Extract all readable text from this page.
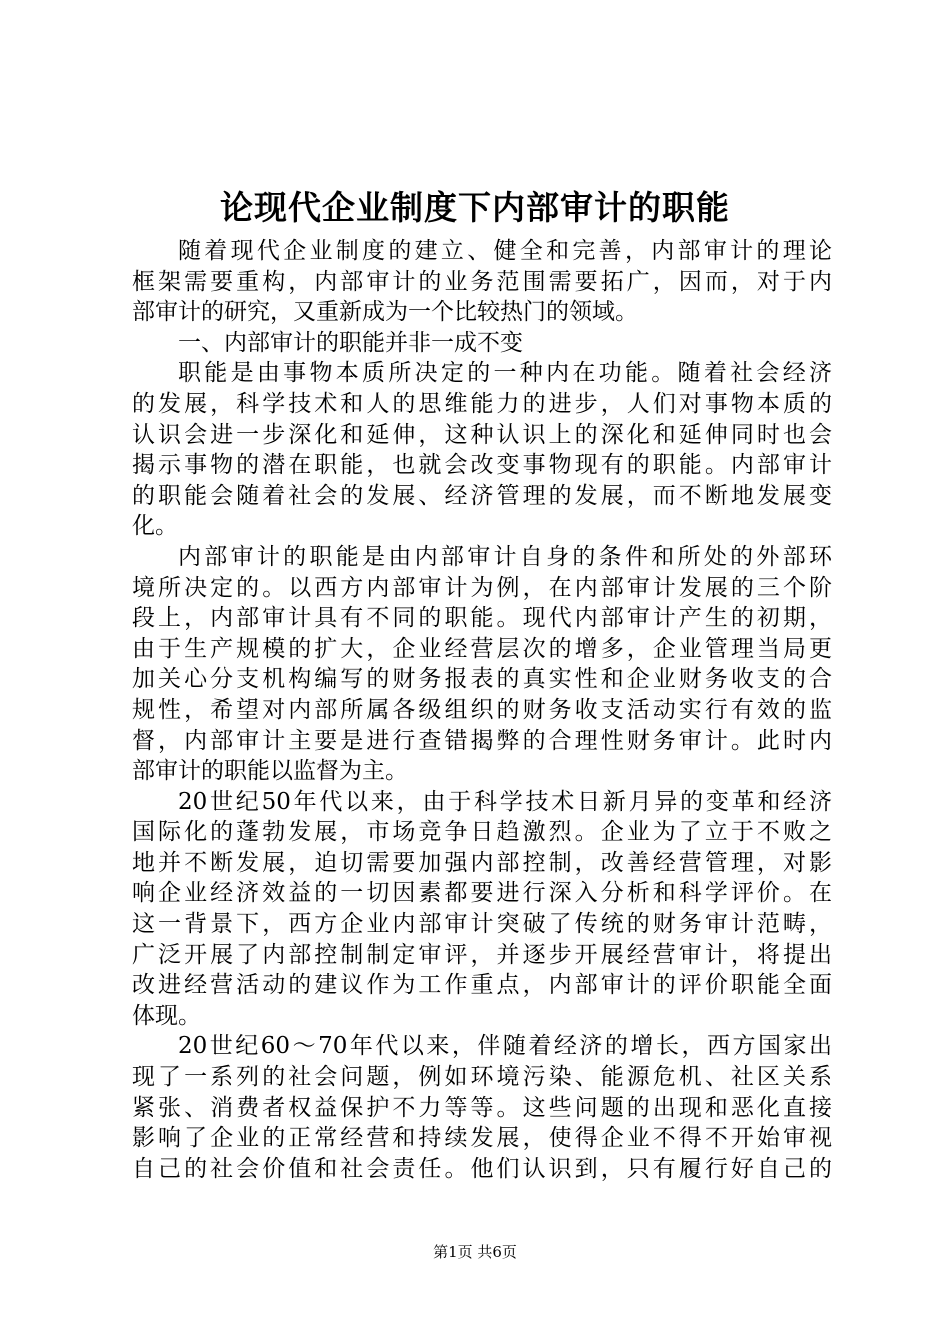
论现代企业制度下内部审计的职能
随着现代企业制度的建立、健全和完善，内部审计的理论
框架需要重构，内部审计的业务范围需要拓广，因而，对于内
部审计的研究，又重新成为一个比较热门的领域。
一、内部审计的职能并非一成不变
职能是由事物本质所决定的一种内在功能。随着社会经济
的发展，科学技术和人的思维能力的进步，人们对事物本质的
认识会进一步深化和延伸，这种认识上的深化和延伸同时也会
揭示事物的潜在职能，也就会改变事物现有的职能。内部审计
的职能会随着社会的发展、经济管理的发展，而不断地发展变
化。
内部审计的职能是由内部审计自身的条件和所处的外部环
境所决定的。以西方内部审计为例，在内部审计发展的三个阶
段上，内部审计具有不同的职能。现代内部审计产生的初期，
由于生产规模的扩大，企业经营层次的增多，企业管理当局更
加关心分支机构编写的财务报表的真实性和企业财务收支的合
规性，希望对内部所属各级组织的财务收支活动实行有效的监
督，内部审计主要是进行查错揭弊的合理性财务审计。此时内
部审计的职能以监督为主。
20世纪50年代以来，由于科学技术日新月异的变革和经济
国际化的蓬勃发展，市场竞争日趋激烈。企业为了立于不败之
地并不断发展，迫切需要加强内部控制，改善经营管理，对影
响企业经济效益的一切因素都要进行深入分析和科学评价。在
这一背景下，西方企业内部审计突破了传统的财务审计范畴，
广泛开展了内部控制制定审评，并逐步开展经营审计，将提出
改进经营活动的建议作为工作重点，内部审计的评价职能全面
体现。
20世纪60～70年代以来，伴随着经济的增长，西方国家出
现了一系列的社会问题，例如环境污染、能源危机、社区关系
紧张、消费者权益保护不力等等。这些问题的出现和恶化直接
影响了企业的正常经营和持续发展，使得企业不得不开始审视
自己的社会价值和社会责任。他们认识到，只有履行好自己的
第1页 共6页
